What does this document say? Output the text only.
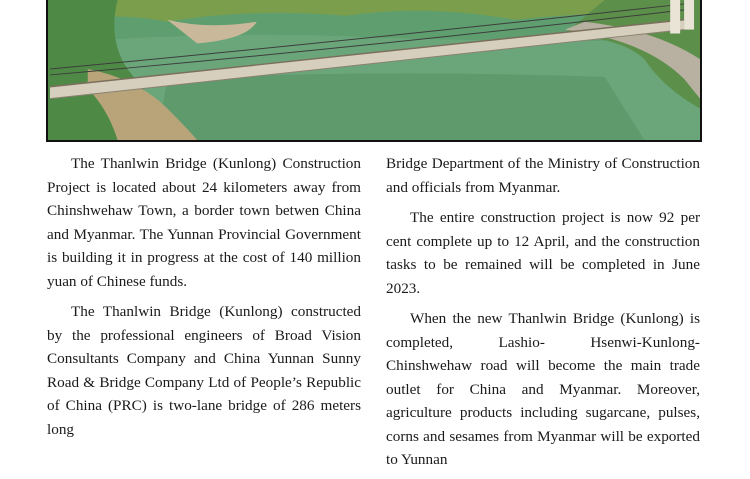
The Thanlwin Bridge (Kunlong) Construction Project is located about 24 kilometers away from Chinshwehaw Town, a border town betwen China and Myanmar. The Yunnan Provincial Government is building it in progress at the cost of 140 million yuan of Chinese funds.

The Thanlwin Bridge (Kunlong) constructed by the professional engineers of Broad Vision Consultants Company and China Yunnan Sunny Road & Bridge Company Ltd of People’s Republic of China (PRC) is two-lane bridge of 286 meters long

Bridge Department of the Ministry of Construction and officials from Myanmar.

The entire construction project is now 92 per cent complete up to 12 April, and the construction tasks to be remained will be completed in June 2023.

When the new Thanlwin Bridge (Kunlong) is completed, Lashio- Hsenwi-Kunlong-Chinshwehaw road will become the main trade outlet for China and Myanmar. Moreover, agriculture products including sugarcane, pulses, corns and sesames from Myanmar will be exported to Yunnan
